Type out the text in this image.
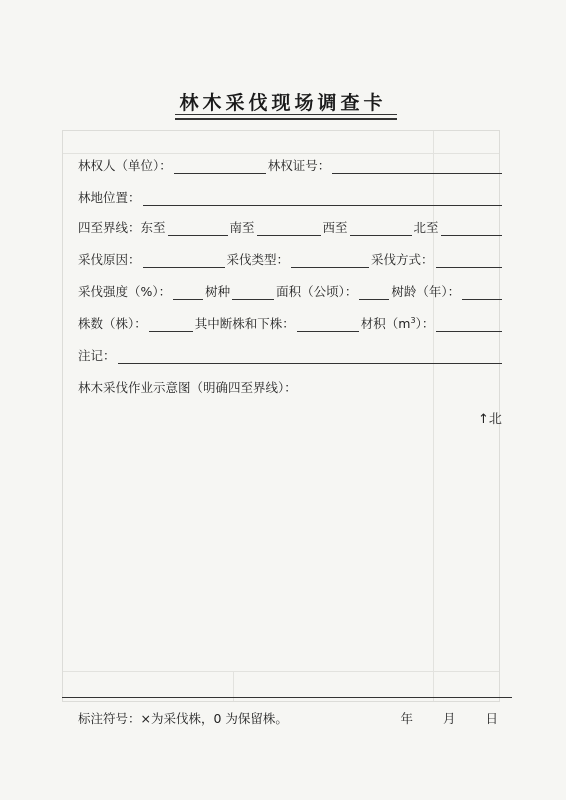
林木采伐现场调查卡
林权人（单位）：	林权证号：
林地位置：
四至界线：东至	南至	西至	北至
采伐原因：	采伐类型：	采伐方式：
采伐强度（%）：	树种	面积（公顷）：	树龄（年）：
株数（株）：	其中断株和下株：	材积$(m^3)$：
注记：
林木采伐作业示意图（明确四至界线）：
↑北
标注符号：×为采伐株，0 为保留株。	年 月 日
